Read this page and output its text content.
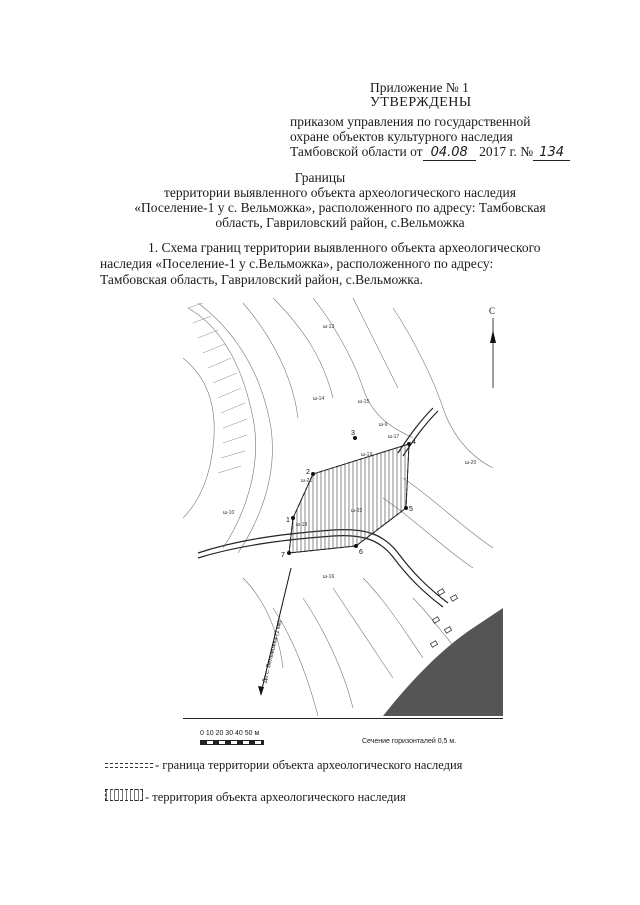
Приложение № 1
УТВЕРЖДЕНЫ
приказом управления по государственной
охране объектов культурного наследия
Тамбовской области от 04.08 2017 г. № 134
Границы
территории выявленного объекта археологического наследия
«Поселение-1 у с. Вельможка», расположенного по адресу: Тамбовская
область, Гавриловский район, с.Вельможка
1. Схема границ территории выявленного объекта археологического
наследия «Поселение-1 у с.Вельможка», расположенного по адресу:
Тамбовская область, Гавриловский район, с.Вельможка.
1
2
3
4
5
6
7
ш-13
ш-14	ш-15
ш-17
ш-19
ш-20
ш-21
ш-22
ш-10
ш-18
ш-16
ш-9
До с. Вельможка (1 км)
С
0 10 20 30 40 50 м
Сечение горизонталей 0,5 м.
- граница территории объекта археологического наследия
- территория объекта археологического наследия
